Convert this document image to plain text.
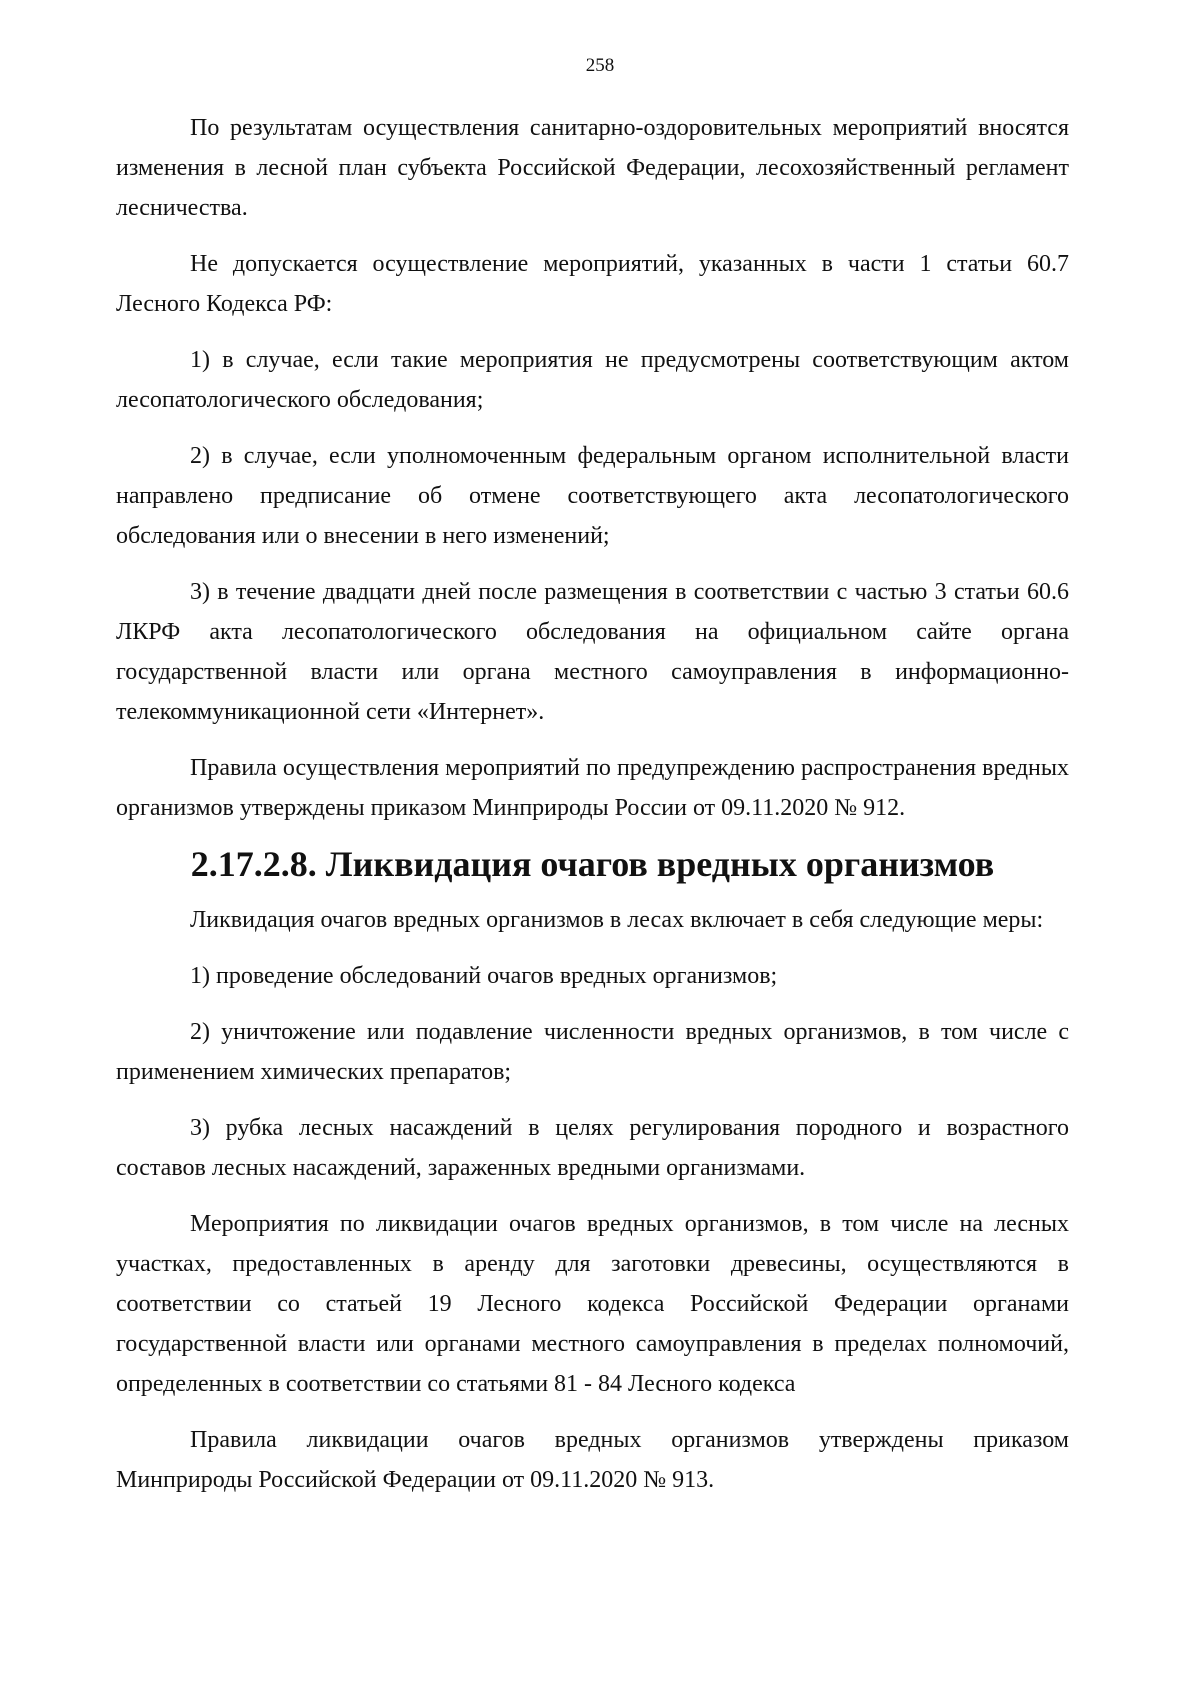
258

По результатам осуществления санитарно-оздоровительных мероприятий вносятся изменения в лесной план субъекта Российской Федерации, лесохозяйственный регламент лесничества.

Не допускается осуществление мероприятий, указанных в части 1 статьи 60.7 Лесного Кодекса РФ:

1) в случае, если такие мероприятия не предусмотрены соответствующим актом лесопатологического обследования;

2) в случае, если уполномоченным федеральным органом исполнительной власти направлено предписание об отмене соответствующего акта лесопатологического обследования или о внесении в него изменений;

3) в течение двадцати дней после размещения в соответствии с частью 3 статьи 60.6 ЛКРФ акта лесопатологического обследования на официальном сайте органа государственной власти или органа местного самоуправления в информационно-телекоммуникационной сети «Интернет».

Правила осуществления мероприятий по предупреждению распространения вредных организмов утверждены приказом Минприроды России от 09.11.2020 № 912.

2.17.2.8. Ликвидация очагов вредных организмов

Ликвидация очагов вредных организмов в лесах включает в себя следующие меры:

1) проведение обследований очагов вредных организмов;

2) уничтожение или подавление численности вредных организмов, в том числе с применением химических препаратов;

3) рубка лесных насаждений в целях регулирования породного и возрастного составов лесных насаждений, зараженных вредными организмами.

Мероприятия по ликвидации очагов вредных организмов, в том числе на лесных участках, предоставленных в аренду для заготовки древесины, осуществляются в соответствии со статьей 19 Лесного кодекса Российской Федерации органами государственной власти или органами местного самоуправления в пределах полномочий, определенных в соответствии со статьями 81 - 84 Лесного кодекса

Правила ликвидации очагов вредных организмов утверждены приказом Минприроды Российской Федерации от 09.11.2020 № 913.
